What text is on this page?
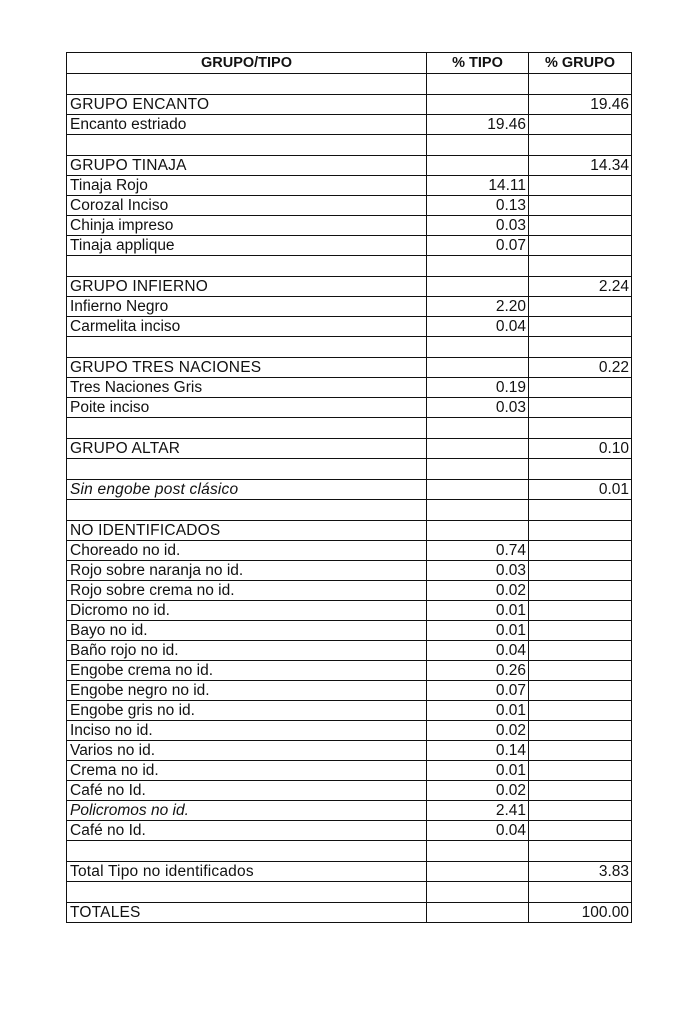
GRUPO/TIPO	% TIPO	% GRUPO

GRUPO ENCANTO		19.46
Encanto estriado	19.46	

GRUPO TINAJA		14.34
Tinaja Rojo	14.11	
Corozal Inciso	0.13	
Chinja impreso	0.03	
Tinaja applique	0.07	

GRUPO INFIERNO		2.24
Infierno Negro	2.20	
Carmelita inciso	0.04	

GRUPO TRES NACIONES		0.22
Tres Naciones Gris	0.19	
Poite inciso	0.03	

GRUPO ALTAR		0.10

Sin engobe post clásico		0.01

NO IDENTIFICADOS		
Choreado no id.	0.74	
Rojo sobre naranja no id.	0.03	
Rojo sobre crema no id.	0.02	
Dicromo no id.	0.01	
Bayo no id.	0.01	
Baño rojo no id.	0.04	
Engobe crema no id.	0.26	
Engobe negro no id.	0.07	
Engobe gris no id.	0.01	
Inciso no id.	0.02	
Varios no id.	0.14	
Crema no id.	0.01	
Café no Id.	0.02	
Policromos no id.	2.41	
Café no Id.	0.04	

Total Tipo no identificados		3.83

TOTALES		100.00
